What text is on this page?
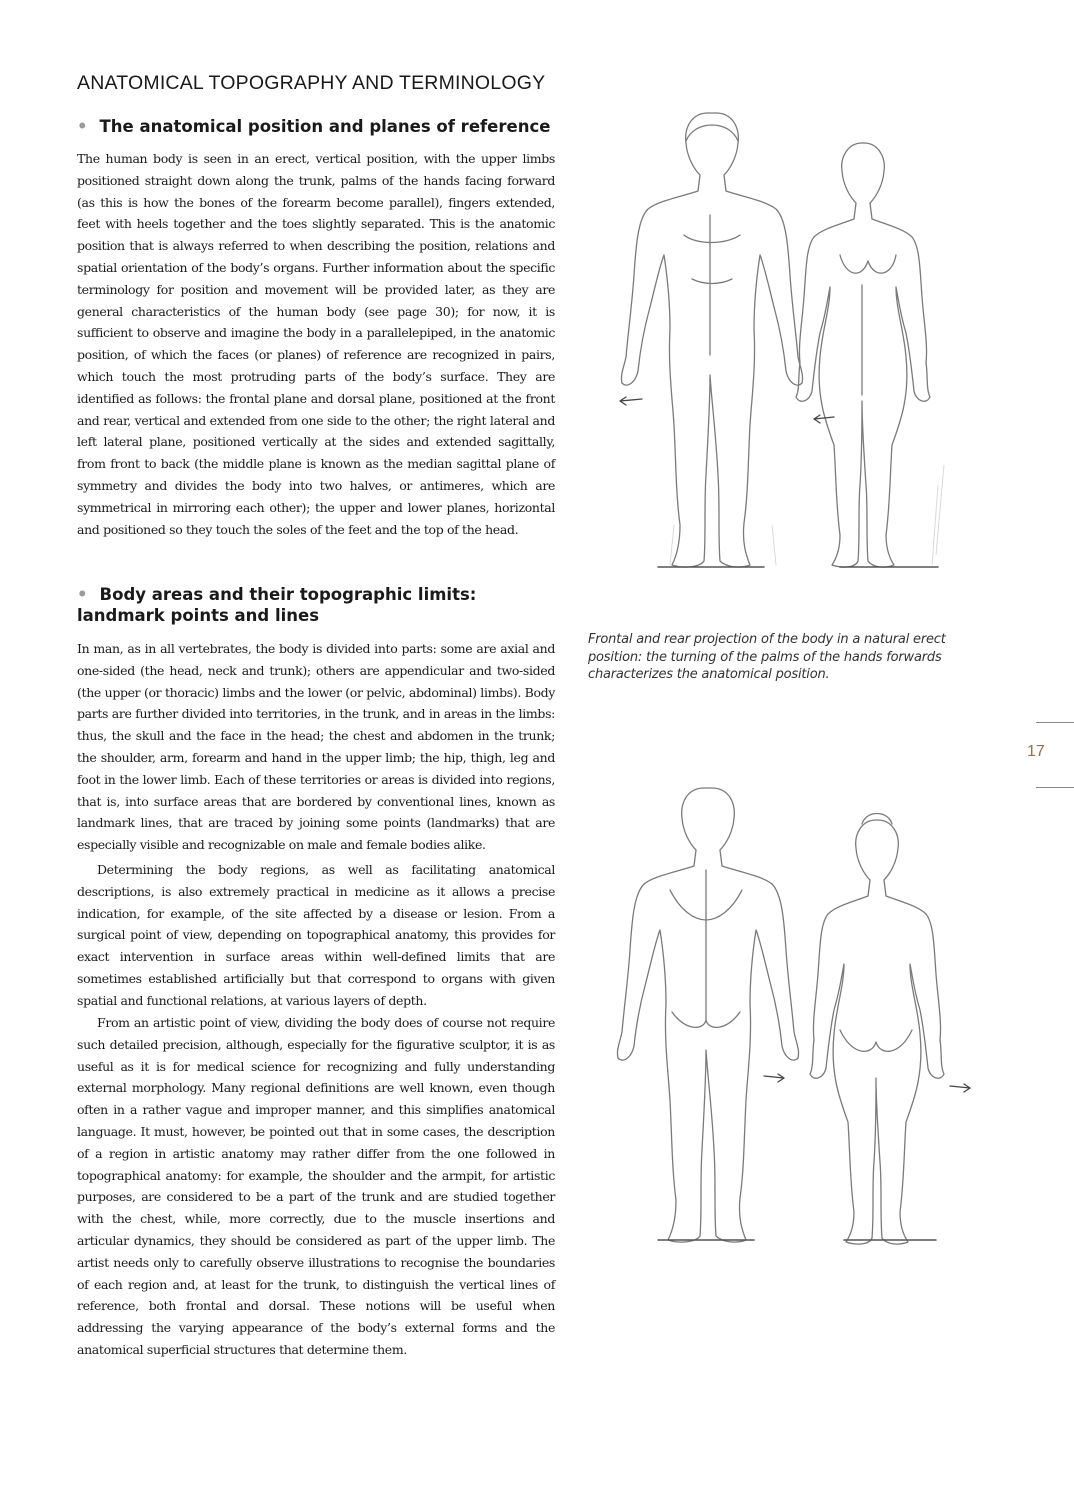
ANATOMICAL TOPOGRAPHY AND TERMINOLOGY
• The anatomical position and planes of reference

The human body is seen in an erect, vertical position, with the upper limbs positioned straight down along the trunk, palms of the hands facing forward (as this is how the bones of the forearm become parallel), fingers extended, feet with heels together and the toes slightly separated. This is the anatomic position that is always referred to when describing the position, relations and spatial orientation of the body’s organs. Further information about the specific terminology for position and movement will be provided later, as they are general characteristics of the human body (see page 30); for now, it is sufficient to observe and imagine the body in a parallelepiped, in the anatomic position, of which the faces (or planes) of reference are recognized in pairs, which touch the most protruding parts of the body’s surface. They are identified as follows: the frontal plane and dorsal plane, positioned at the front and rear, vertical and extended from one side to the other; the right lateral and left lateral plane, positioned vertically at the sides and extended sagittally, from front to back (the middle plane is known as the median sagittal plane of symmetry and divides the body into two halves, or antimeres, which are symmetrical in mirroring each other); the upper and lower planes, horizontal and positioned so they touch the soles of the feet and the top of the head.

• Body areas and their topographic limits: landmark points and lines

In man, as in all vertebrates, the body is divided into parts: some are axial and one-sided (the head, neck and trunk); others are appendicular and two-sided (the upper (or thoracic) limbs and the lower (or pelvic, abdominal) limbs). Body parts are further divided into territories, in the trunk, and in areas in the limbs: thus, the skull and the face in the head; the chest and abdomen in the trunk; the shoulder, arm, forearm and hand in the upper limb; the hip, thigh, leg and foot in the lower limb. Each of these territories or areas is divided into regions, that is, into surface areas that are bordered by conventional lines, known as landmark lines, that are traced by joining some points (landmarks) that are especially visible and recognizable on male and female bodies alike.

Determining the body regions, as well as facilitating anatomical descriptions, is also extremely practical in medicine as it allows a precise indication, for example, of the site affected by a disease or lesion. From a surgical point of view, depending on topographical anatomy, this provides for exact intervention in surface areas within well-defined limits that are sometimes established artificially but that correspond to organs with given spatial and functional relations, at various layers of depth.

From an artistic point of view, dividing the body does of course not require such detailed precision, although, especially for the figurative sculptor, it is as useful as it is for medical science for recognizing and fully understanding external morphology. Many regional definitions are well known, even though often in a rather vague and improper manner, and this simplifies anatomical language. It must, however, be pointed out that in some cases, the description of a region in artistic anatomy may rather differ from the one followed in topographical anatomy: for example, the shoulder and the armpit, for artistic purposes, are considered to be a part of the trunk and are studied together with the chest, while, more correctly, due to the muscle insertions and articular dynamics, they should be considered as part of the upper limb. The artist needs only to carefully observe illustrations to recognise the boundaries of each region and, at least for the trunk, to distinguish the vertical lines of reference, both frontal and dorsal. These notions will be useful when addressing the varying appearance of the body’s external forms and the anatomical superficial structures that determine them.

Frontal and rear projection of the body in a natural erect position: the turning of the palms of the hands forwards characterizes the anatomical position.

17
